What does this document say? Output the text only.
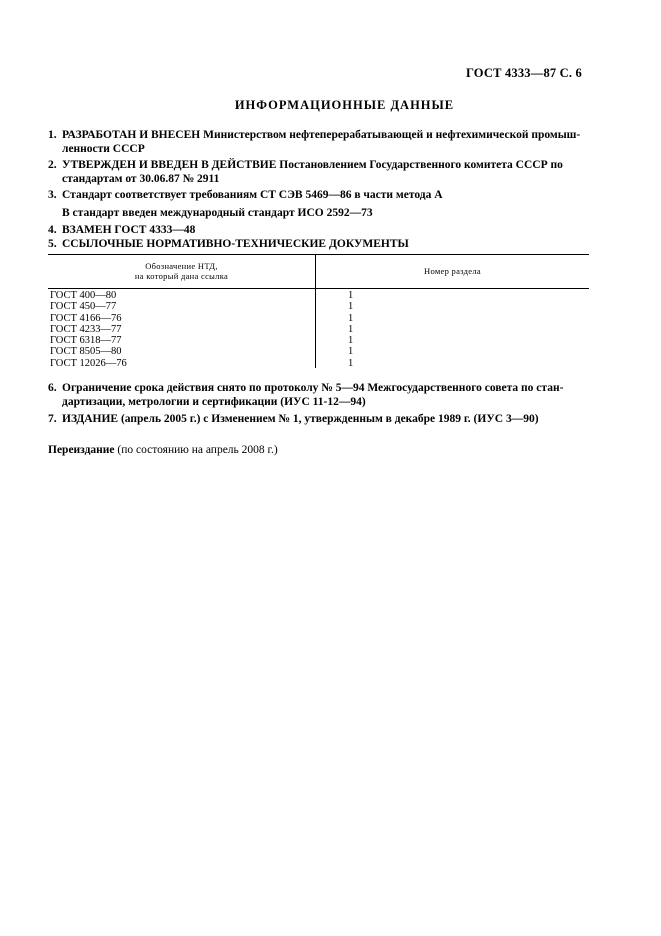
ГОСТ 4333—87 С. 6
ИНФОРМАЦИОННЫЕ ДАННЫЕ
1. РАЗРАБОТАН И ВНЕСЕН Министерством нефтеперерабатывающей и нефтехимической промыш-
ленности СССР
2. УТВЕРЖДЕН И ВВЕДЕН В ДЕЙСТВИЕ Постановлением Государственного комитета СССР по
стандартам от 30.06.87 № 2911
3. Стандарт соответствует требованиям СТ СЭВ 5469—86 в части метода А
В стандарт введен международный стандарт ИСО 2592—73
4. ВЗАМЕН ГОСТ 4333—48
5. ССЫЛОЧНЫЕ НОРМАТИВНО-ТЕХНИЧЕСКИЕ ДОКУМЕНТЫ
Обозначение НТД,
на который дана ссылка	Номер раздела
ГОСТ 400—80	1
ГОСТ 450—77	1
ГОСТ 4166—76	1
ГОСТ 4233—77	1
ГОСТ 6318—77	1
ГОСТ 8505—80	1
ГОСТ 12026—76	1
6. Ограничение срока действия снято по протоколу № 5—94 Межгосударственного совета по стан-
дартизации, метрологии и сертификации (ИУС 11-12—94)
7. ИЗДАНИЕ (апрель 2005 г.) с Изменением № 1, утвержденным в декабре 1989 г. (ИУС 3—90)
Переиздание (по состоянию на апрель 2008 г.)
